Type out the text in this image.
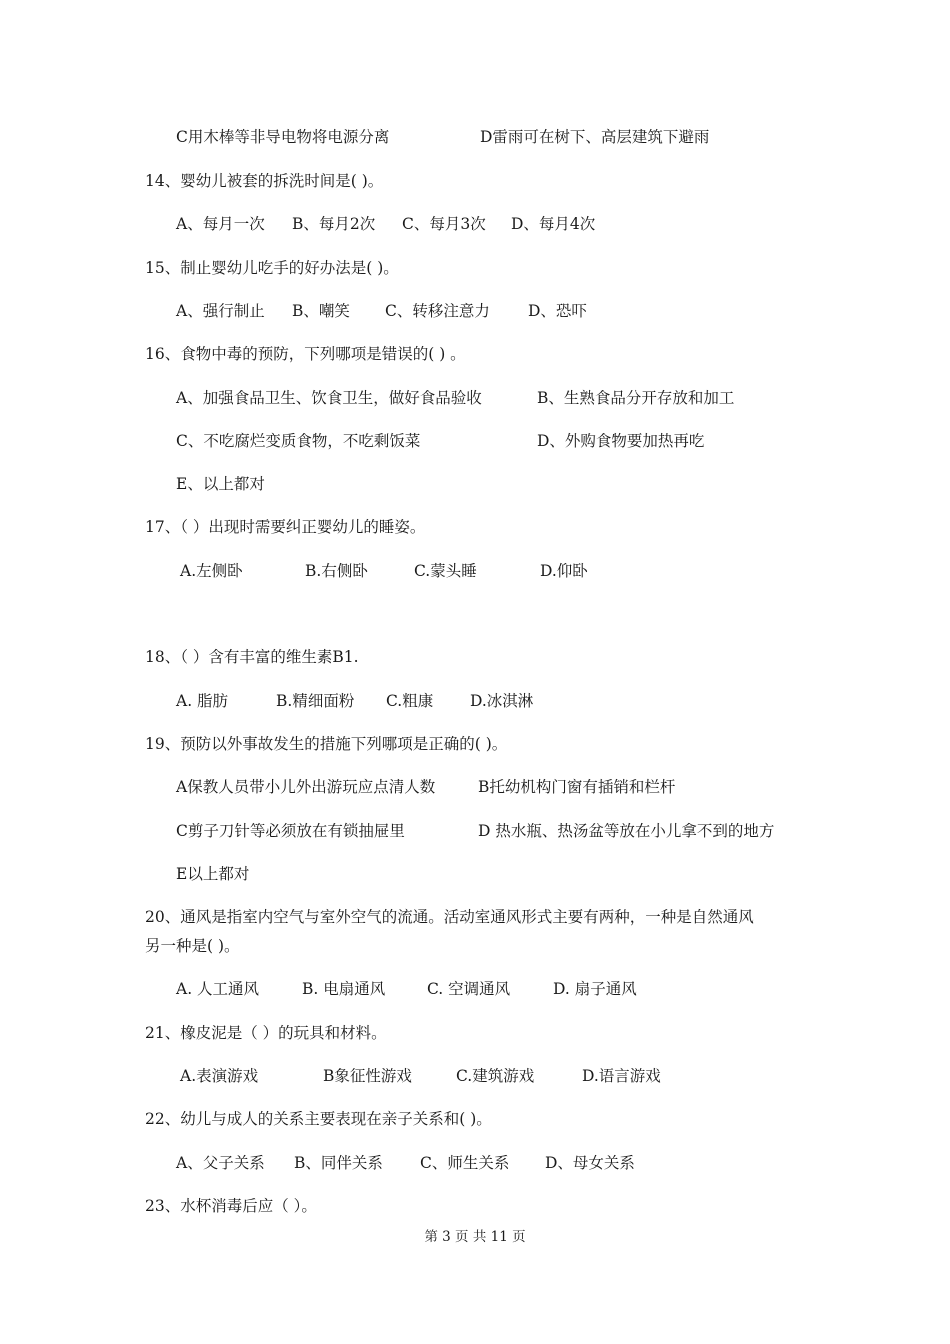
C用木棒等非导电物将电源分离	D雷雨可在树下、高层建筑下避雨
14、婴幼儿被套的拆洗时间是( )。
A、每月一次 B、每月2次 C、每月3次 D、每月4次
15、制止婴幼儿吃手的好办法是( )。
A、强行制止 B、嘲笑 C、转移注意力 D、恐吓
16、食物中毒的预防，下列哪项是错误的( ) 。
A、加强食品卫生、饮食卫生，做好食品验收	B、生熟食品分开存放和加工
C、不吃腐烂变质食物，不吃剩饭菜	D、外购食物要加热再吃
E、以上都对
17、（ ）出现时需要纠正婴幼儿的睡姿。
A.左侧卧	B.右侧卧	C.蒙头睡	D.仰卧
18、（ ）含有丰富的维生素B1.
A. 脂肪	B.精细面粉 C.粗康 D.冰淇淋
19、预防以外事故发生的措施下列哪项是正确的( )。
A保教人员带小儿外出游玩应点清人数	B托幼机构门窗有插销和栏杆
C剪子刀针等必须放在有锁抽屉里	D 热水瓶、热汤盆等放在小儿拿不到的地方
E以上都对
20、通风是指室内空气与室外空气的流通。活动室通风形式主要有两种，一种是自然通风
另一种是( )。
A. 人工通风	B. 电扇通风	C. 空调通风	D. 扇子通风
21、橡皮泥是（ ）的玩具和材料。
A.表演游戏	B象征性游戏	C.建筑游戏	D.语言游戏
22、幼儿与成人的关系主要表现在亲子关系和( )。
A、父子关系 B、同伴关系 C、师生关系 D、母女关系
23、水杯消毒后应（ ）。
第 3 页 共 11 页
